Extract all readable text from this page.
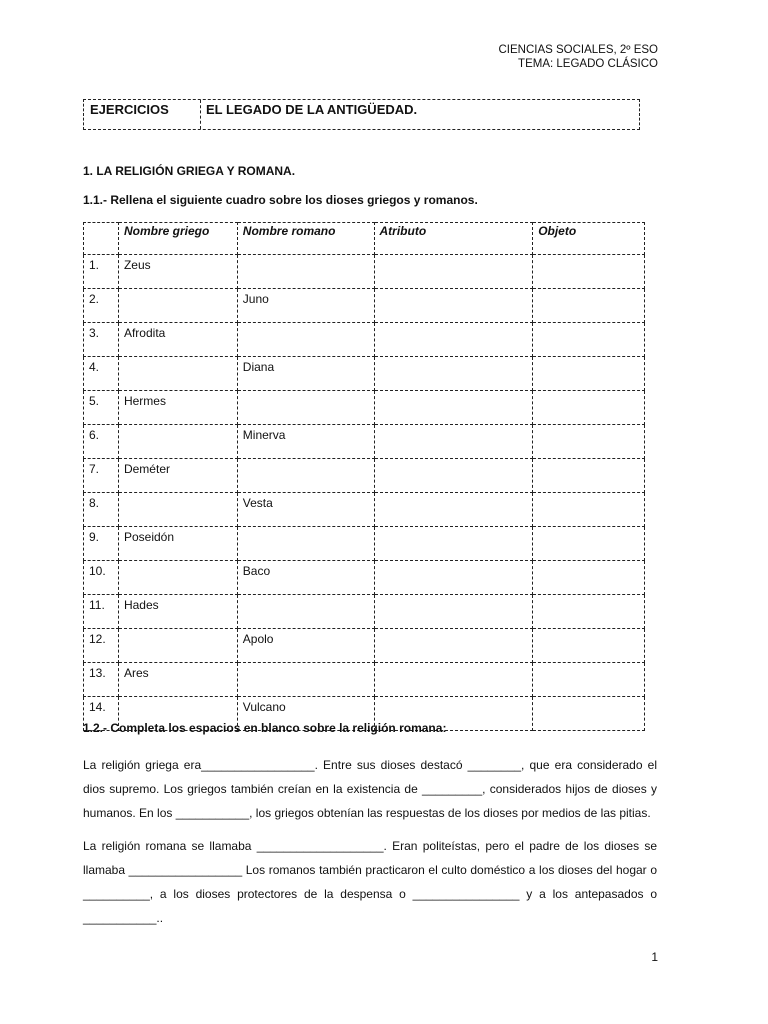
CIENCIAS SOCIALES, 2º ESO
TEMA: LEGADO CLÁSICO
EJERCICIOS	EL LEGADO DE LA ANTIGÜEDAD.
1. LA RELIGIÓN GRIEGA Y ROMANA.
1.1.- Rellena el siguiente cuadro sobre los dioses griegos y romanos.
	Nombre griego	Nombre romano	Atributo	Objeto
1.	Zeus			
2.		Juno		
3.	Afrodita			
4.		Diana		
5.	Hermes			
6.		Minerva		
7.	Deméter			
8.		Vesta		
9.	Poseidón			
10.		Baco		
11.	Hades			
12.		Apolo		
13.	Ares			
14.		Vulcano		
1.2.- Completa los espacios en blanco sobre la religión romana:
La religión griega era_________________. Entre sus dioses destacó ________, que era considerado el dios supremo. Los griegos también creían en la existencia de _________, considerados hijos de dioses y humanos. En los ___________, los griegos obtenían las respuestas de los dioses por medios de las pitias.
La religión romana se llamaba ___________________. Eran politeístas, pero el padre de los dioses se llamaba _________________ Los romanos también practicaron el culto doméstico a los dioses del hogar o __________, a los dioses protectores de la despensa o ________________ y a los antepasados o ___________..
1
